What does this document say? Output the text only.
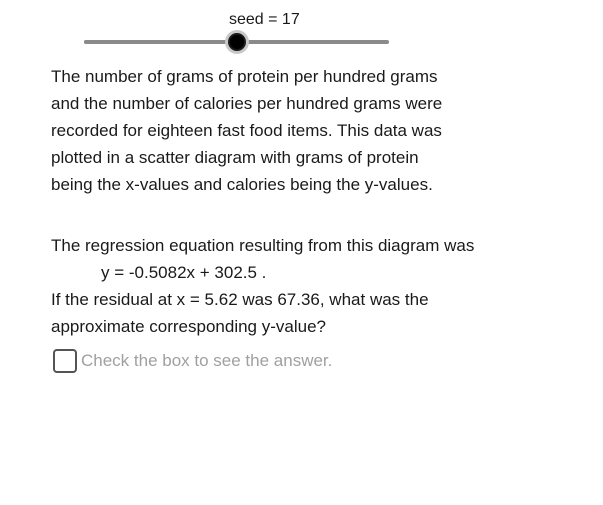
seed = 17
The number of grams of protein per hundred grams
and the number of calories per hundred grams were
recorded for eighteen fast food items. This data was
plotted in a scatter diagram with grams of protein
being the x-values and calories being the y-values.
The regression equation resulting from this diagram was
y = -0.5082x + 302.5 .
If the residual at x = 5.62 was 67.36, what was the
approximate corresponding y-value?
Check the box to see the answer.
